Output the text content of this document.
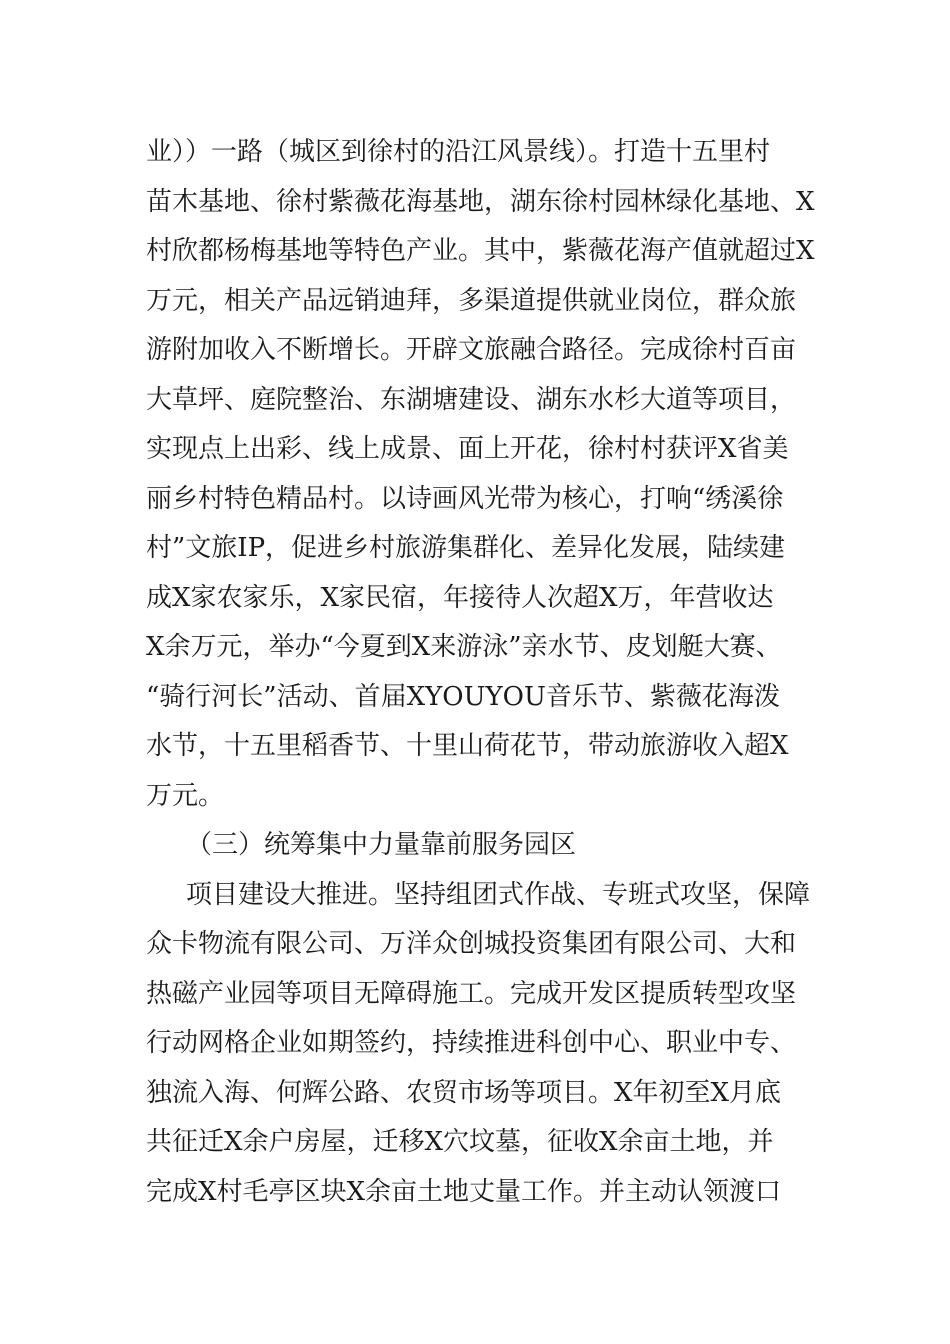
业））一路（城区到徐村的沿江风景线）。打造十五里村
苗木基地、徐村紫薇花海基地，湖东徐村园林绿化基地、X
村欣都杨梅基地等特色产业。其中，紫薇花海产值就超过X
万元，相关产品远销迪拜，多渠道提供就业岗位，群众旅
游附加收入不断增长。开辟文旅融合路径。完成徐村百亩
大草坪、庭院整治、东湖塘建设、湖东水杉大道等项目，
实现点上出彩、线上成景、面上开花，徐村村获评X省美
丽乡村特色精品村。以诗画风光带为核心，打响“绣溪徐
村”文旅IP，促进乡村旅游集群化、差异化发展，陆续建
成X家农家乐，X家民宿，年接待人次超X万，年营收达
X余万元，举办“今夏到X来游泳”亲水节、皮划艇大赛、
“骑行河长”活动、首届XYOUYOU音乐节、紫薇花海泼
水节，十五里稻香节、十里山荷花节，带动旅游收入超X
万元。
（三）统筹集中力量靠前服务园区
项目建设大推进。坚持组团式作战、专班式攻坚，保障
众卡物流有限公司、万洋众创城投资集团有限公司、大和
热磁产业园等项目无障碍施工。完成开发区提质转型攻坚
行动网格企业如期签约，持续推进科创中心、职业中专、
独流入海、何辉公路、农贸市场等项目。X年初至X月底
共征迁X余户房屋，迁移X穴坟墓，征收X余亩土地，并
完成X村毛亭区块X余亩土地丈量工作。并主动认领渡口
